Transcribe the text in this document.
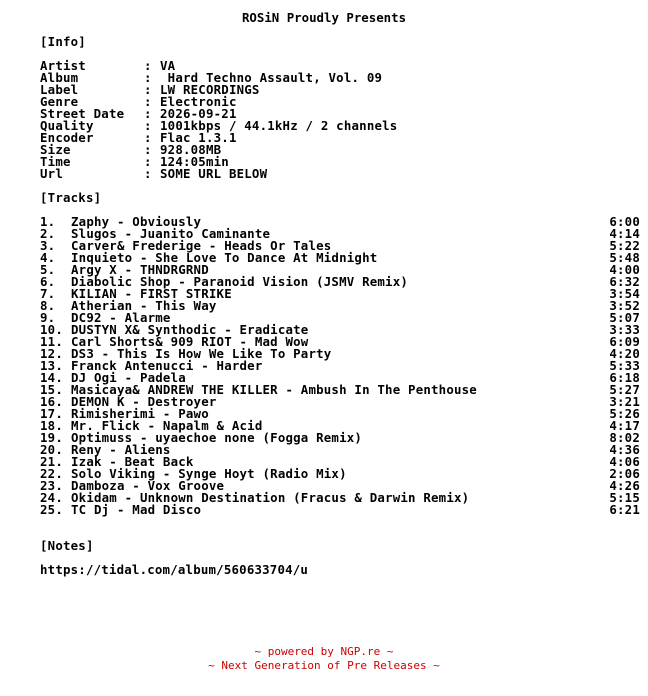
ROSiN Proudly Presents
[Info]
Artist	: VA
Album	: Hard Techno Assault, Vol. 09
Label	: LW RECORDINGS
Genre	: Electronic
Street Date : 2026-09-21
Quality	: 1001kbps / 44.1kHz / 2 channels
Encoder	: Flac 1.3.1
Size	: 928.08MB
Time	: 124:05min
Url	: SOME URL BELOW
[Tracks]
1. Zaphy - Obviously	6:00
2. Slugos - Juanito Caminante	4:14
3. Carver& Frederige - Heads Or Tales	5:22
4. Inquieto - She Love To Dance At Midnight	5:48
5. Argy X - THNDRGRND	4:00
6. Diabolic Shop - Paranoid Vision (JSMV Remix)	6:32
7. KILIAN - FIRST STRIKE	3:54
8. Atherian - This Way	3:52
9. DC92 - Alarme	5:07
10. DUSTYN X& Synthodic - Eradicate	3:33
11. Carl Shorts& 909 RIOT - Mad Wow	6:09
12. DS3 - This Is How We Like To Party	4:20
13. Franck Antenucci - Harder	5:33
14. DJ Ogi - Padela	6:18
15. Masicaya& ANDREW THE KILLER - Ambush In The Penthouse	5:27
16. DEMON K - Destroyer	3:21
17. Rimisherimi - Pawo	5:26
18. Mr. Flick - Napalm & Acid	4:17
19. Optimuss - uyaechoe none (Fogga Remix)	8:02
20. Reny - Aliens	4:36
21. Izak - Beat Back	4:06
22. Solo Viking - Synge Hoyt (Radio Mix)	2:06
23. Damboza - Vox Groove	4:26
24. Okidam - Unknown Destination (Fracus & Darwin Remix)	5:15
25. TC Dj - Mad Disco	6:21
[Notes]
https://tidal.com/album/560633704/u
~ powered by NGP.re ~
~ Next Generation of Pre Releases ~
